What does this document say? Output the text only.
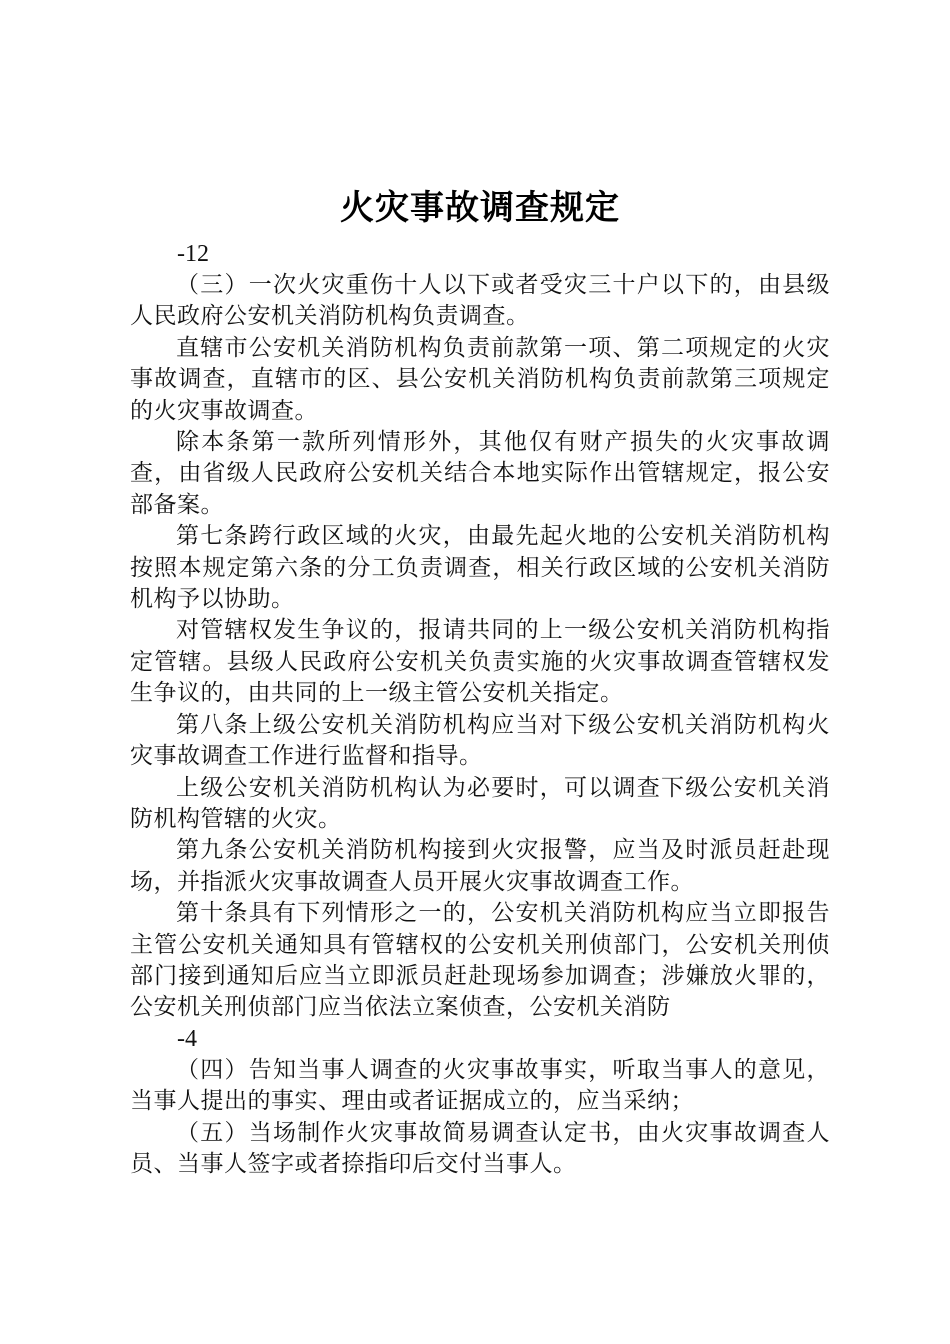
火灾事故调查规定
-12

（三）一次火灾重伤十人以下或者受灾三十户以下的，由县级人民政府公安机关消防机构负责调查。

直辖市公安机关消防机构负责前款第一项、第二项规定的火灾事故调查，直辖市的区、县公安机关消防机构负责前款第三项规定的火灾事故调查。

除本条第一款所列情形外，其他仅有财产损失的火灾事故调查，由省级人民政府公安机关结合本地实际作出管辖规定，报公安部备案。

第七条跨行政区域的火灾，由最先起火地的公安机关消防机构按照本规定第六条的分工负责调查，相关行政区域的公安机关消防机构予以协助。

对管辖权发生争议的，报请共同的上一级公安机关消防机构指定管辖。县级人民政府公安机关负责实施的火灾事故调查管辖权发生争议的，由共同的上一级主管公安机关指定。

第八条上级公安机关消防机构应当对下级公安机关消防机构火灾事故调查工作进行监督和指导。

上级公安机关消防机构认为必要时，可以调查下级公安机关消防机构管辖的火灾。

第九条公安机关消防机构接到火灾报警，应当及时派员赶赴现场，并指派火灾事故调查人员开展火灾事故调查工作。

第十条具有下列情形之一的，公安机关消防机构应当立即报告主管公安机关通知具有管辖权的公安机关刑侦部门，公安机关刑侦部门接到通知后应当立即派员赶赴现场参加调查；涉嫌放火罪的，公安机关刑侦部门应当依法立案侦查，公安机关消防

-4

（四）告知当事人调查的火灾事故事实，听取当事人的意见，当事人提出的事实、理由或者证据成立的，应当采纳；

（五）当场制作火灾事故简易调查认定书，由火灾事故调查人员、当事人签字或者捺指印后交付当事人。
